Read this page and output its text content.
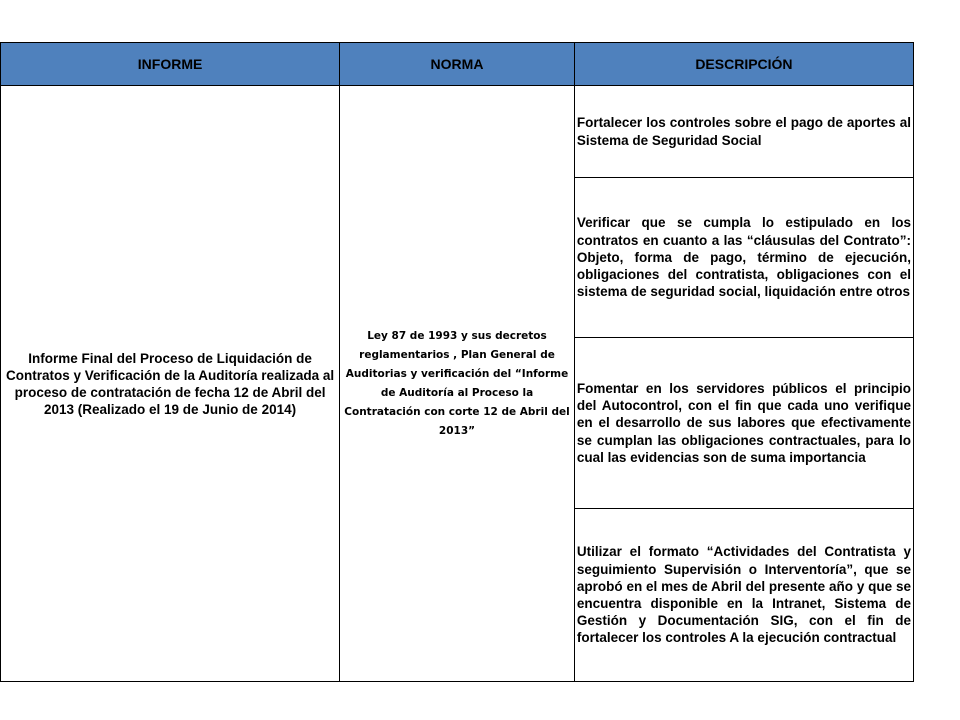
INFORME	NORMA	DESCRIPCIÓN
Informe Final del Proceso de Liquidación de Contratos y Verificación de la Auditoría realizada al proceso de contratación de fecha 12 de Abril del 2013 (Realizado el 19 de Junio de 2014)	Ley 87 de 1993 y sus decretos reglamentarios , Plan General de Auditorias y verificación del “Informe de Auditoría al Proceso la Contratación con corte 12 de Abril del 2013”	Fortalecer los controles sobre el pago de aportes al Sistema de Seguridad Social
		Verificar que se cumpla lo estipulado en los contratos en cuanto a las “cláusulas del Contrato”: Objeto, forma de pago, término de ejecución, obligaciones del contratista, obligaciones con el sistema de seguridad social, liquidación entre otros
		Fomentar en los servidores públicos el principio del Autocontrol, con el fin que cada uno verifique en el desarrollo de sus labores que efectivamente se cumplan las obligaciones contractuales, para lo cual las evidencias son de suma importancia
		Utilizar el formato “Actividades del Contratista y seguimiento Supervisión o Interventoría”, que se aprobó en el mes de Abril del presente año y que se encuentra disponible en la Intranet, Sistema de Gestión y Documentación SIG, con el fin de fortalecer los controles A la ejecución contractual
